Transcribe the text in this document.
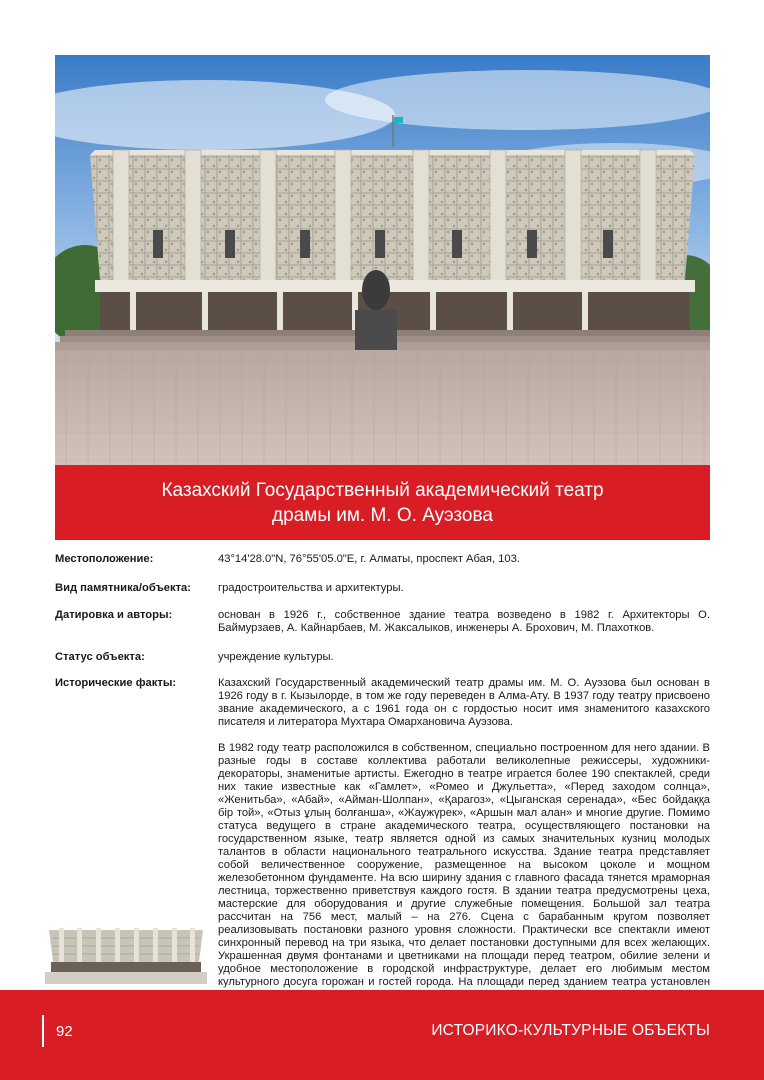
Казахский Государственный академический театр
драмы им. М. О. Ауэзова
Местоположение:	43°14'28.0"N, 76°55'05.0"E, г. Алматы, проспект Абая, 103.
Вид памятника/объекта:	градостроительства и архитектуры.
Датировка и авторы:	основан в 1926 г., собственное здание театра возведено в 1982 г. Архитекторы О. Баймурзаев, А. Кайнарбаев, М. Жаксалыков, инженеры А. Брохович, М. Плахотков.
Статус объекта:	учреждение культуры.
Исторические факты:	Казахский Государственный академический театр драмы им. М. О. Ауэзова был основан в 1926 году в г. Кызылорде, в том же году переведен в Алма-Ату. В 1937 году театру присвоено звание академического, а с 1961 года он с гордостью носит имя знаменитого казахского писателя и литератора Мухтара Омархановича Ауэзова.

В 1982 году театр расположился в собственном, специально построенном для него здании. В разные годы в составе коллектива работали великолепные режиссеры, художники-декораторы, знаменитые артисты. Ежегодно в театре играется более 190 спектаклей, среди них такие известные как «Гамлет», «Ромео и Джульетта», «Перед заходом солнца», «Женитьба», «Абай», «Айман-Шолпан», «Қарагоз», «Цыганская серенада», «Бес бойдаққа бір той», «Отыз ұлың болғанша», «Жаужүрек», «Аршын мал алан» и многие другие. Помимо статуса ведущего в стране академического театра, осуществляющего постановки на государственном языке, театр является одной из самых значительных кузниц молодых талантов в области национального театрального искусства. Здание театра представляет собой величественное сооружение, размещенное на высоком цоколе и мощном железобетонном фундаменте. На всю ширину здания с главного фасада тянется мраморная лестница, торжественно приветствуя каждого гостя. В здании театра предусмотрены цеха, мастерские для оборудования и другие служебные помещения. Большой зал театра рассчитан на 756 мест, малый – на 276. Сцена с барабанным кругом позволяет реализовывать постановки разного уровня сложности. Практически все спектакли имеют синхронный перевод на три языка, что делает постановки доступными для всех желающих. Украшенная двумя фонтанами и цветниками на площади перед театром, обилие зелени и удобное местоположение в городской инфраструктуре, делает его любимым местом культурного досуга горожан и гостей города. На площади перед зданием театра установлен

92	ИСТОРИКО-КУЛЬТУРНЫЕ ОБЪЕКТЫ
